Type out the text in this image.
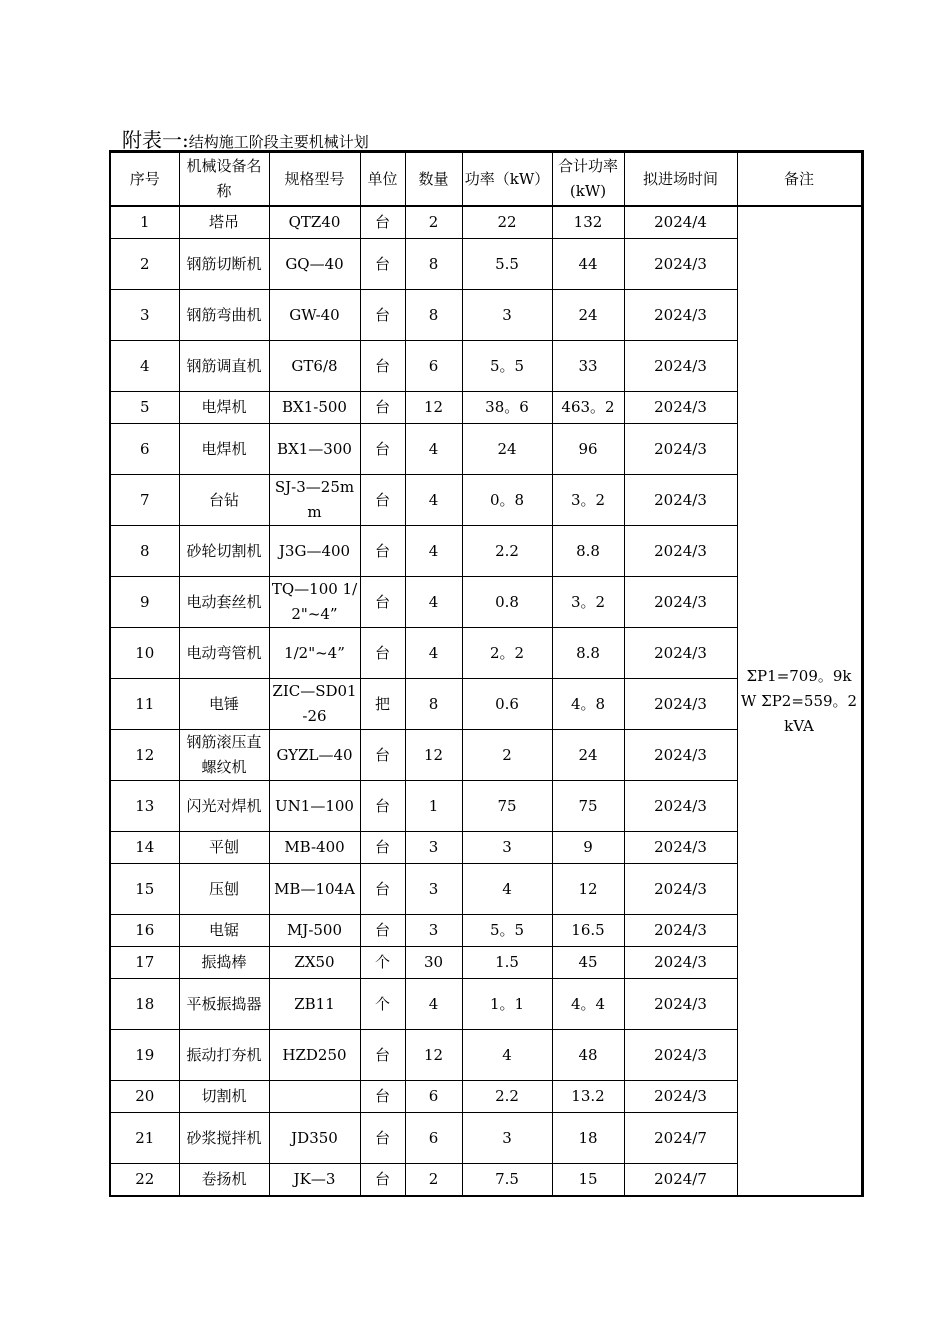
附表一:结构施工阶段主要机械计划
序号	机械设备名称	规格型号	单位	数量	功率（kW）	合计功率(kW)	拟进场时间	备注
1	塔吊	QTZ40	台	2	22	132	2024/4	ΣP1=709。9kW ΣP2=559。2kVA
2	钢筋切断机	GQ—40	台	8	5.5	44	2024/3	
3	钢筋弯曲机	GW-40	台	8	3	24	2024/3	
4	钢筋调直机	GT6/8	台	6	5。5	33	2024/3	
5	电焊机	BX1-500	台	12	38。6	463。2	2024/3	
6	电焊机	BX1—300	台	4	24	96	2024/3	
7	台钻	SJ-3—25mm	台	4	0。8	3。2	2024/3	
8	砂轮切割机	J3G—400	台	4	2.2	8.8	2024/3	
9	电动套丝机	TQ—100 1/2"~4”	台	4	0.8	3。2	2024/3	
10	电动弯管机	1/2"~4”	台	4	2。2	8.8	2024/3	
11	电锤	ZIC—SD01-26	把	8	0.6	4。8	2024/3	
12	钢筋滚压直螺纹机	GYZL—40	台	12	2	24	2024/3	
13	闪光对焊机	UN1—100	台	1	75	75	2024/3	
14	平刨	MB-400	台	3	3	9	2024/3	
15	压刨	MB—104A	台	3	4	12	2024/3	
16	电锯	MJ-500	台	3	5。5	16.5	2024/3	
17	振捣棒	ZX50	个	30	1.5	45	2024/3	
18	平板振捣器	ZB11	个	4	1。1	4。4	2024/3	
19	振动打夯机	HZD250	台	12	4	48	2024/3	
20	切割机		台	6	2.2	13.2	2024/3	
21	砂浆搅拌机	JD350	台	6	3	18	2024/7	
22	卷扬机	JK—3	台	2	7.5	15	2024/7	
